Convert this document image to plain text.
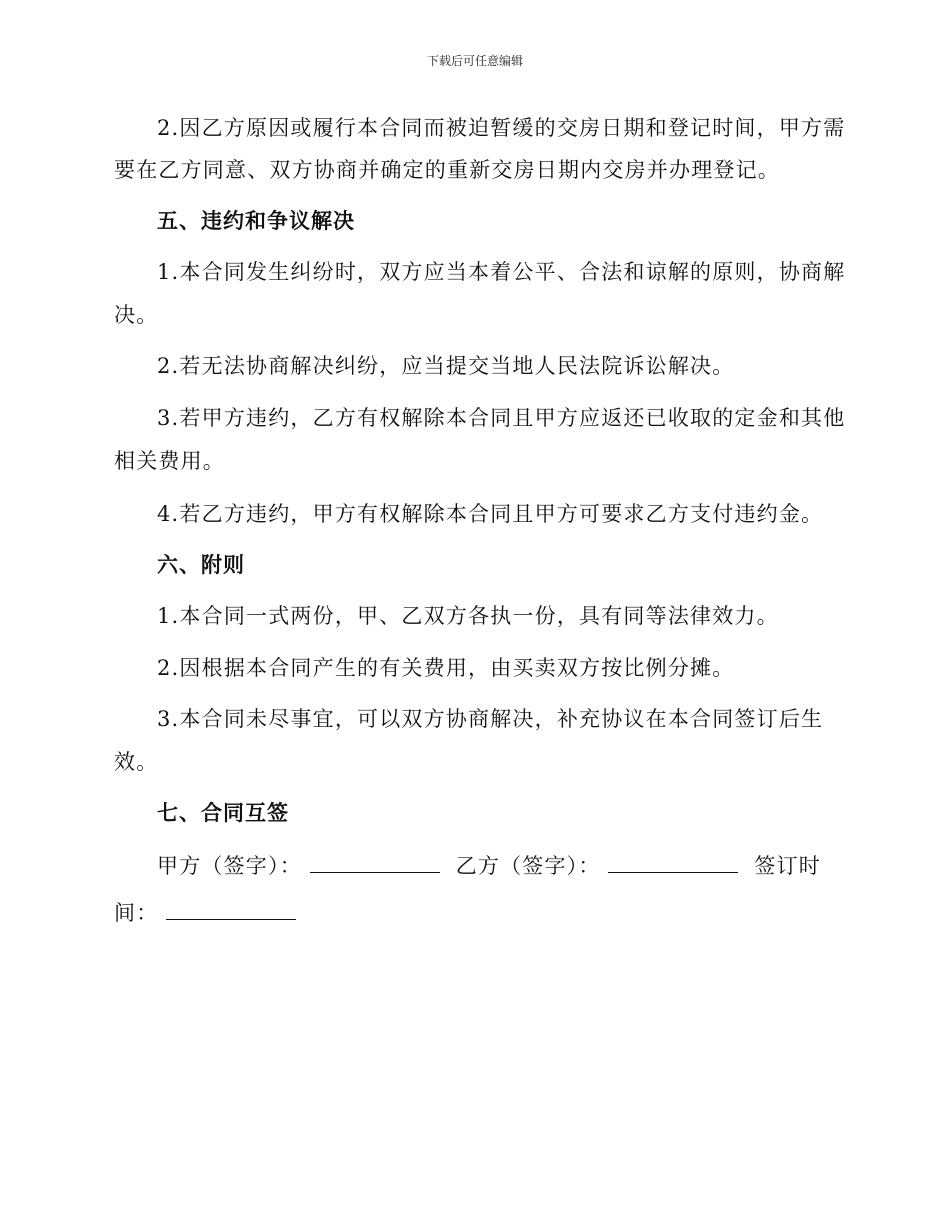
下载后可任意编辑
2.因乙方原因或履行本合同而被迫暂缓的交房日期和登记时间，甲方需
要在乙方同意、双方协商并确定的重新交房日期内交房并办理登记。
五、违约和争议解决
1.本合同发生纠纷时，双方应当本着公平、合法和谅解的原则，协商解
决。
2.若无法协商解决纠纷，应当提交当地人民法院诉讼解决。
3.若甲方违约，乙方有权解除本合同且甲方应返还已收取的定金和其他
相关费用。
4.若乙方违约，甲方有权解除本合同且甲方可要求乙方支付违约金。
六、附则
1.本合同一式两份，甲、乙双方各执一份，具有同等法律效力。
2.因根据本合同产生的有关费用，由买卖双方按比例分摊。
3.本合同未尽事宜，可以双方协商解决，补充协议在本合同签订后生
效。
七、合同互签
甲方（签字）：	乙方（签字）：	签订时
间：
